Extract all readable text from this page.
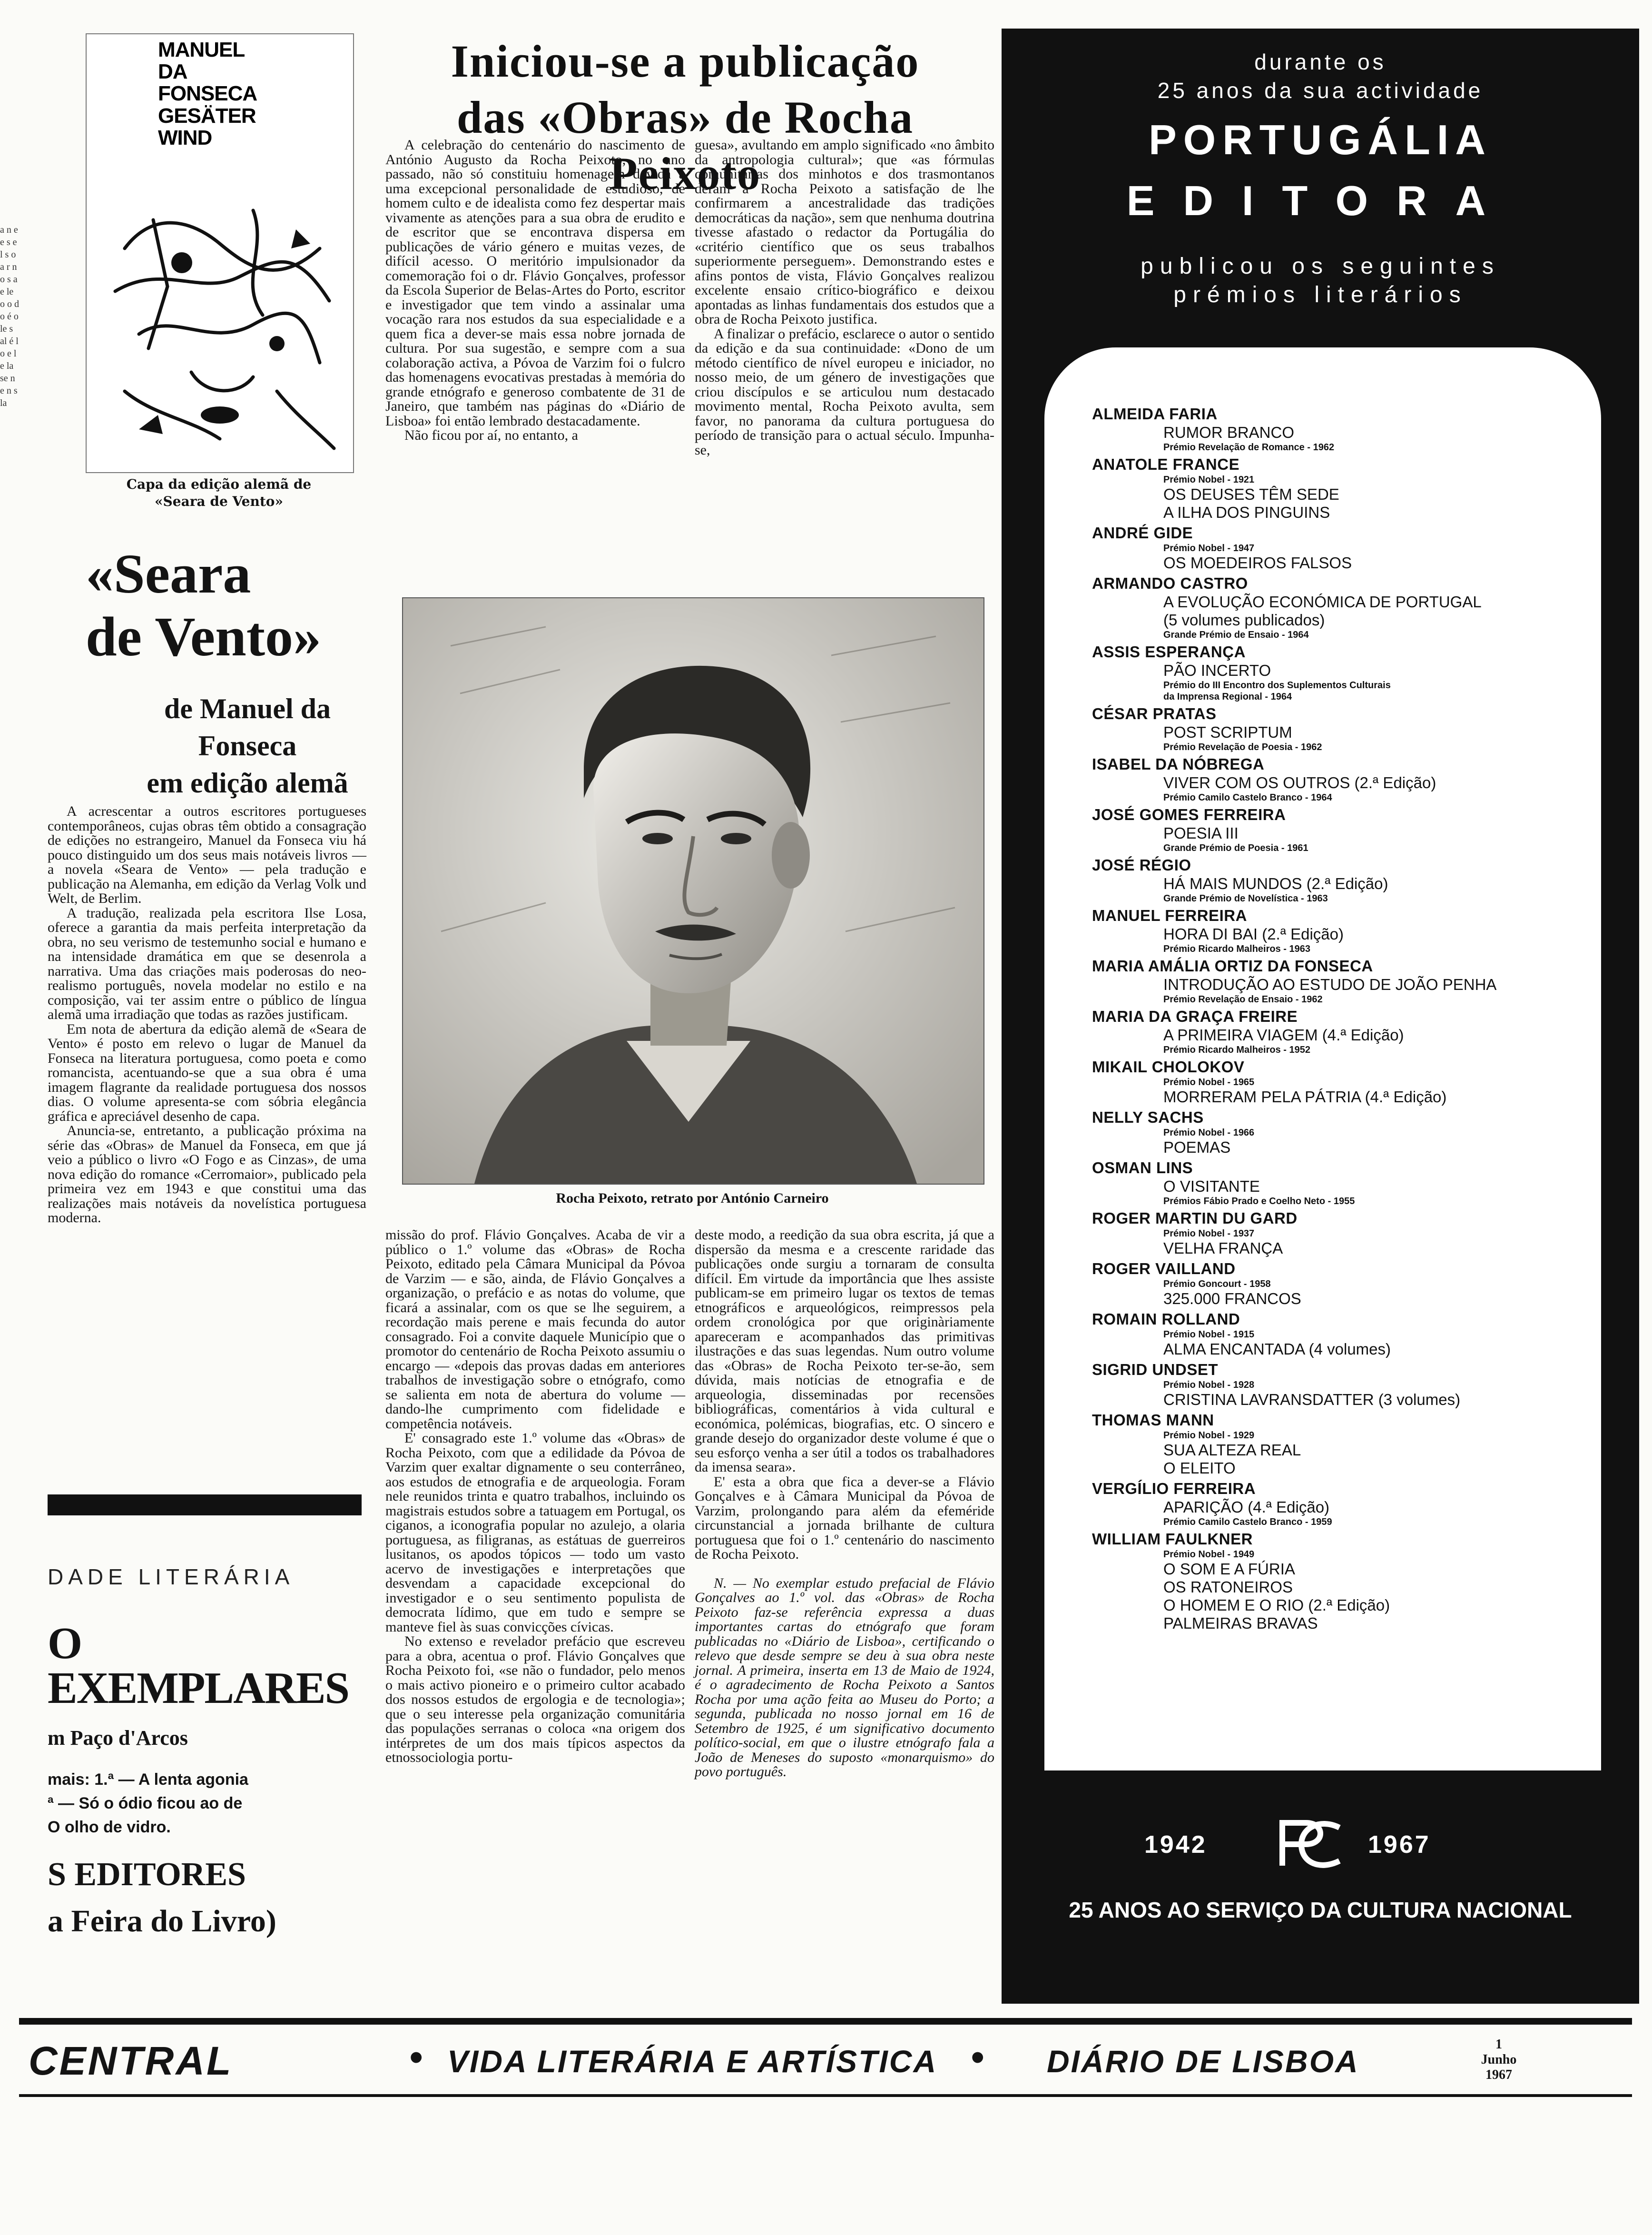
a n e e s el s o a r n o s a e le o o d o é o le s al é lo e le la se n e n s la
MANUEL
DA FONSECA
GESÄTER
WIND
Capa da edição alemã de
«Seara de Vento»
«Seara
de Vento»
de Manuel da Fonseca
em edição alemã

A acrescentar a outros escritores portugueses contemporâneos, cujas obras têm obtido a consagração de edições no estrangeiro, Manuel da Fonseca viu há pouco distinguido um dos seus mais notáveis livros — a novela «Seara de Vento» — pela tradução e publicação na Alemanha, em edição da Verlag Volk und Welt, de Berlim.

A tradução, realizada pela escritora Ilse Losa, oferece a garantia da mais perfeita interpretação da obra, no seu verismo de testemunho social e humano e na intensidade dramática em que se desenrola a narrativa. Uma das criações mais poderosas do neo-realismo português, novela modelar no estilo e na composição, vai ter assim entre o público de língua alemã uma irradiação que todas as razões justificam.

Em nota de abertura da edição alemã de «Seara de Vento» é posto em relevo o lugar de Manuel da Fonseca na literatura portuguesa, como poeta e como romancista, acentuando-se que a sua obra é uma imagem flagrante da realidade portuguesa dos nossos dias. O volume apresenta-se com sóbria elegância gráfica e apreciável desenho de capa.

Anuncia-se, entretanto, a publicação próxima na série das «Obras» de Manuel da Fonseca, em que já veio a público o livro «O Fogo e as Cinzas», de uma nova edição do romance «Cerromaior», publicado pela primeira vez em 1943 e que constitui uma das realizações mais notáveis da novelística portuguesa moderna.

DADE LITERÁRIA
O EXEMPLARES
m Paço d'Arcos
mais: 1.ª — A lenta agonia
ª — Só o ódio ficou ao de
O olho de vidro.
S EDITORES
a Feira do Livro)
Iniciou-se a publicação
das «Obras» de Rocha Peixoto

A celebração do centenário do nascimento de António Augusto da Rocha Peixoto, no ano passado, não só constituiu homenagem devida a uma excepcional personalidade de estudioso, de homem culto e de idealista como fez despertar mais vivamente as atenções para a sua obra de erudito e de escritor que se encontrava dispersa em publicações de vário género e muitas vezes, de difícil acesso. O meritório impulsionador da comemoração foi o dr. Flávio Gonçalves, professor da Escola Superior de Belas-Artes do Porto, escritor e investigador que tem vindo a assinalar uma vocação rara nos estudos da sua especialidade e a quem fica a dever-se mais essa nobre jornada de cultura. Por sua sugestão, e sempre com a sua colaboração activa, a Póvoa de Varzim foi o fulcro das homenagens evocativas prestadas à memória do grande etnógrafo e generoso combatente de 31 de Janeiro, que também nas páginas do «Diário de Lisboa» foi então lembrado destacadamente.

Não ficou por aí, no entanto, a

guesa», avultando em amplo significado «no âmbito da antropologia cultural»; que «as fórmulas comunitárias dos minhotos e dos trasmontanos deram a Rocha Peixoto a satisfação de lhe confirmarem a ancestralidade das tradições democráticas da nação», sem que nenhuma doutrina tivesse afastado o redactor da Portugália do «critério científico que os seus trabalhos superiormente perseguem». Demonstrando estes e afins pontos de vista, Flávio Gonçalves realizou excelente ensaio crítico-biográfico e deixou apontadas as linhas fundamentais dos estudos que a obra de Rocha Peixoto justifica.

A finalizar o prefácio, esclarece o autor o sentido da edição e da sua continuidade: «Dono de um método científico de nível europeu e iniciador, no nosso meio, de um género de investigações que criou discípulos e se articulou num destacado movimento mental, Rocha Peixoto avulta, sem favor, no panorama da cultura portuguesa do período de transição para o actual século. Impunha-se,

Rocha Peixoto, retrato por António Carneiro

missão do prof. Flávio Gonçalves. Acaba de vir a público o 1.º volume das «Obras» de Rocha Peixoto, editado pela Câmara Municipal da Póvoa de Varzim — e são, ainda, de Flávio Gonçalves a organização, o prefácio e as notas do volume, que ficará a assinalar, com os que se lhe seguirem, a recordação mais perene e mais fecunda do autor consagrado. Foi a convite daquele Município que o promotor do centenário de Rocha Peixoto assumiu o encargo — «depois das provas dadas em anteriores trabalhos de investigação sobre o etnógrafo, como se salienta em nota de abertura do volume — dando-lhe cumprimento com fidelidade e competência notáveis.

E' consagrado este 1.º volume das «Obras» de Rocha Peixoto, com que a edilidade da Póvoa de Varzim quer exaltar dignamente o seu conterrâneo, aos estudos de etnografia e de arqueologia. Foram nele reunidos trinta e quatro trabalhos, incluindo os magistrais estudos sobre a tatuagem em Portugal, os ciganos, a iconografia popular no azulejo, a olaria portuguesa, as filigranas, as estátuas de guerreiros lusitanos, os apodos tópicos — todo um vasto acervo de investigações e interpretações que desvendam a capacidade excepcional do investigador e o seu sentimento populista de democrata lídimo, que em tudo e sempre se manteve fiel às suas convicções cívicas.

No extenso e revelador prefácio que escreveu para a obra, acentua o prof. Flávio Gonçalves que Rocha Peixoto foi, «se não o fundador, pelo menos o mais activo pioneiro e o primeiro cultor acabado dos nossos estudos de ergologia e de tecnologia»; que o seu interesse pela organização comunitária das populações serranas o coloca «na origem dos intérpretes de um dos mais típicos aspectos da etnossociologia portu-

deste modo, a reedição da sua obra escrita, já que a dispersão da mesma e a crescente raridade das publicações onde surgiu a tornaram de consulta difícil. Em virtude da importância que lhes assiste publicam-se em primeiro lugar os textos de temas etnográficos e arqueológicos, reimpressos pela ordem cronológica por que originàriamente apareceram e acompanhados das primitivas ilustrações e das suas legendas. Num outro volume das «Obras» de Rocha Peixoto ter-se-ão, sem dúvida, mais notícias de etnografia e de arqueologia, disseminadas por recensões bibliográficas, comentários à vida cultural e económica, polémicas, biografias, etc. O sincero e grande desejo do organizador deste volume é que o seu esforço venha a ser útil a todos os trabalhadores da imensa seara».

E' esta a obra que fica a dever-se a Flávio Gonçalves e à Câmara Municipal da Póvoa de Varzim, prolongando para além da efeméride circunstancial a jornada brilhante de cultura portuguesa que foi o 1.º centenário do nascimento de Rocha Peixoto.

N. — No exemplar estudo prefacial de Flávio Gonçalves ao 1.º vol. das «Obras» de Rocha Peixoto faz-se referência expressa a duas importantes cartas do etnógrafo que foram publicadas no «Diário de Lisboa», certificando o relevo que desde sempre se deu à sua obra neste jornal. A primeira, inserta em 13 de Maio de 1924, é o agradecimento de Rocha Peixoto a Santos Rocha por uma ação feita ao Museu do Porto; a segunda, publicada no nosso jornal em 16 de Setembro de 1925, é um significativo documento político-social, em que o ilustre etnógrafo fala a João de Meneses do suposto «monarquismo» do povo português.

durante os
25 anos da sua actividade
PORTUGÁLIA
EDITORA
publicou os seguintes
prémios literários
ALMEIDA FARIA
RUMOR BRANCO
Prémio Revelação de Romance - 1962
ANATOLE FRANCE
Prémio Nobel - 1921
OS DEUSES TÊM SEDE
A ILHA DOS PINGUINS
ANDRÉ GIDE
Prémio Nobel - 1947
OS MOEDEIROS FALSOS
ARMANDO CASTRO
A EVOLUÇÃO ECONÓMICA DE PORTUGAL
(5 volumes publicados)
Grande Prémio de Ensaio - 1964
ASSIS ESPERANÇA
PÃO INCERTO
Prémio do III Encontro dos Suplementos Culturais
da Imprensa Regional - 1964
CÉSAR PRATAS
POST SCRIPTUM
Prémio Revelação de Poesia - 1962
ISABEL DA NÓBREGA
VIVER COM OS OUTROS (2.ª Edição)
Prémio Camilo Castelo Branco - 1964
JOSÉ GOMES FERREIRA
POESIA III
Grande Prémio de Poesia - 1961
JOSÉ RÉGIO
HÁ MAIS MUNDOS (2.ª Edição)
Grande Prémio de Novelística - 1963
MANUEL FERREIRA
HORA DI BAI (2.ª Edição)
Prémio Ricardo Malheiros - 1963
MARIA AMÁLIA ORTIZ DA FONSECA
INTRODUÇÃO AO ESTUDO DE JOÃO PENHA
Prémio Revelação de Ensaio - 1962
MARIA DA GRAÇA FREIRE
A PRIMEIRA VIAGEM (4.ª Edição)
Prémio Ricardo Malheiros - 1952
MIKAIL CHOLOKOV
Prémio Nobel - 1965
MORRERAM PELA PÁTRIA (4.ª Edição)
NELLY SACHS
Prémio Nobel - 1966
POEMAS
OSMAN LINS
O VISITANTE
Prémios Fábio Prado e Coelho Neto - 1955
ROGER MARTIN DU GARD
Prémio Nobel - 1937
VELHA FRANÇA
ROGER VAILLAND
Prémio Goncourt - 1958
325.000 FRANCOS
ROMAIN ROLLAND
Prémio Nobel - 1915
ALMA ENCANTADA (4 volumes)
SIGRID UNDSET
Prémio Nobel - 1928
CRISTINA LAVRANSDATTER (3 volumes)
THOMAS MANN
Prémio Nobel - 1929
SUA ALTEZA REAL
O ELEITO
VERGÍLIO FERREIRA
APARIÇÃO (4.ª Edição)
Prémio Camilo Castelo Branco - 1959
WILLIAM FAULKNER
Prémio Nobel - 1949
O SOM E A FÚRIA
OS RATONEIROS
O HOMEM E O RIO (2.ª Edição)
PALMEIRAS BRAVAS
1942	1967
25 ANOS AO SERVIÇO DA CULTURA NACIONAL
CENTRAL	• VIDA LITERÁRIA E ARTÍSTICA • DIÁRIO DE LISBOA	1
Junho
1967
